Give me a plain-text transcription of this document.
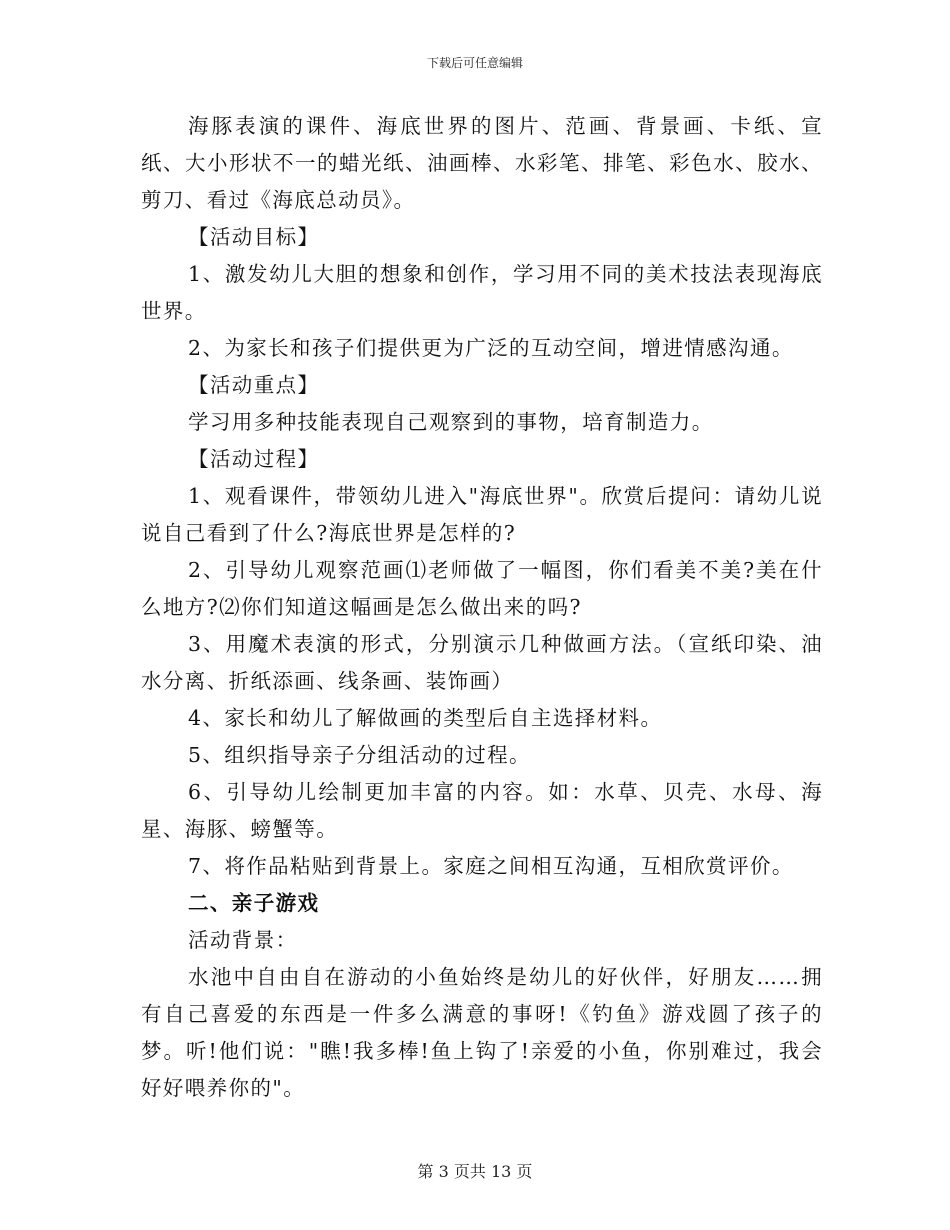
下载后可任意编辑

海豚表演的课件、海底世界的图片、范画、背景画、卡纸、宣纸、大小形状不一的蜡光纸、油画棒、水彩笔、排笔、彩色水、胶水、剪刀、看过《海底总动员》。

【活动目标】

1、激发幼儿大胆的想象和创作，学习用不同的美术技法表现海底世界。

2、为家长和孩子们提供更为广泛的互动空间，增进情感沟通。

【活动重点】

学习用多种技能表现自己观察到的事物，培育制造力。

【活动过程】

1、观看课件，带领幼儿进入"海底世界"。欣赏后提问：请幼儿说说自己看到了什么?海底世界是怎样的?

2、引导幼儿观察范画⑴老师做了一幅图，你们看美不美?美在什么地方?⑵你们知道这幅画是怎么做出来的吗?

3、用魔术表演的形式，分别演示几种做画方法。（宣纸印染、油水分离、折纸添画、线条画、装饰画）

4、家长和幼儿了解做画的类型后自主选择材料。

5、组织指导亲子分组活动的过程。

6、引导幼儿绘制更加丰富的内容。如：水草、贝壳、水母、海星、海豚、螃蟹等。

7、将作品粘贴到背景上。家庭之间相互沟通，互相欣赏评价。

二、亲子游戏

活动背景：

水池中自由自在游动的小鱼始终是幼儿的好伙伴，好朋友……拥有自己喜爱的东西是一件多么满意的事呀!《钓鱼》游戏圆了孩子的梦。听!他们说："瞧!我多棒!鱼上钩了!亲爱的小鱼，你别难过，我会好好喂养你的"。

第 3 页共 13 页
